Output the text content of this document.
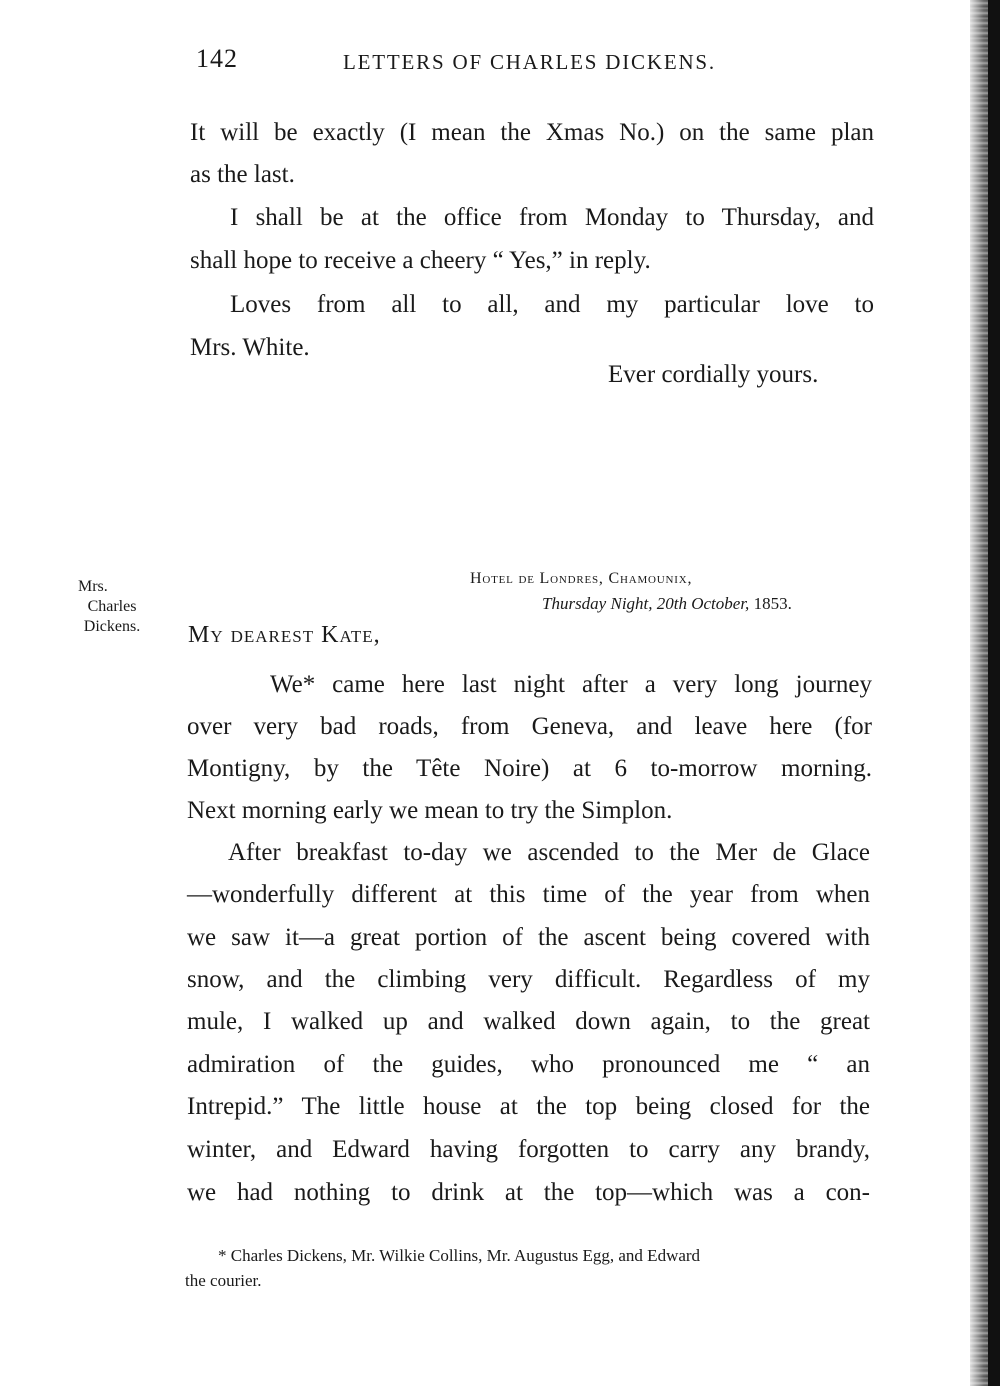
142	LETTERS OF CHARLES DICKENS.
It will be exactly (I mean the Xmas No.) on the same plan
as the last.
I shall be at the office from Monday to Thursday, and
shall hope to receive a cheery “ Yes,” in reply.
Loves from all to all, and my particular love to
Mrs. White.
Ever cordially yours.
Mrs.
Charles
Dickens.
Hotel de Londres, Chamounix,
Thursday Night, 20th October, 1853.
My dearest Kate,
We* came here last night after a very long journey
over very bad roads, from Geneva, and leave here (for
Montigny, by the Tête Noire) at 6 to-morrow morning.
Next morning early we mean to try the Simplon.
After breakfast to-day we ascended to the Mer de Glace
—wonderfully different at this time of the year from when
we saw it—a great portion of the ascent being covered with
snow, and the climbing very difficult. Regardless of my
mule, I walked up and walked down again, to the great
admiration of the guides, who pronounced me “ an
Intrepid.” The little house at the top being closed for the
winter, and Edward having forgotten to carry any brandy,
we had nothing to drink at the top—which was a con-
* Charles Dickens, Mr. Wilkie Collins, Mr. Augustus Egg, and Edward
the courier.
